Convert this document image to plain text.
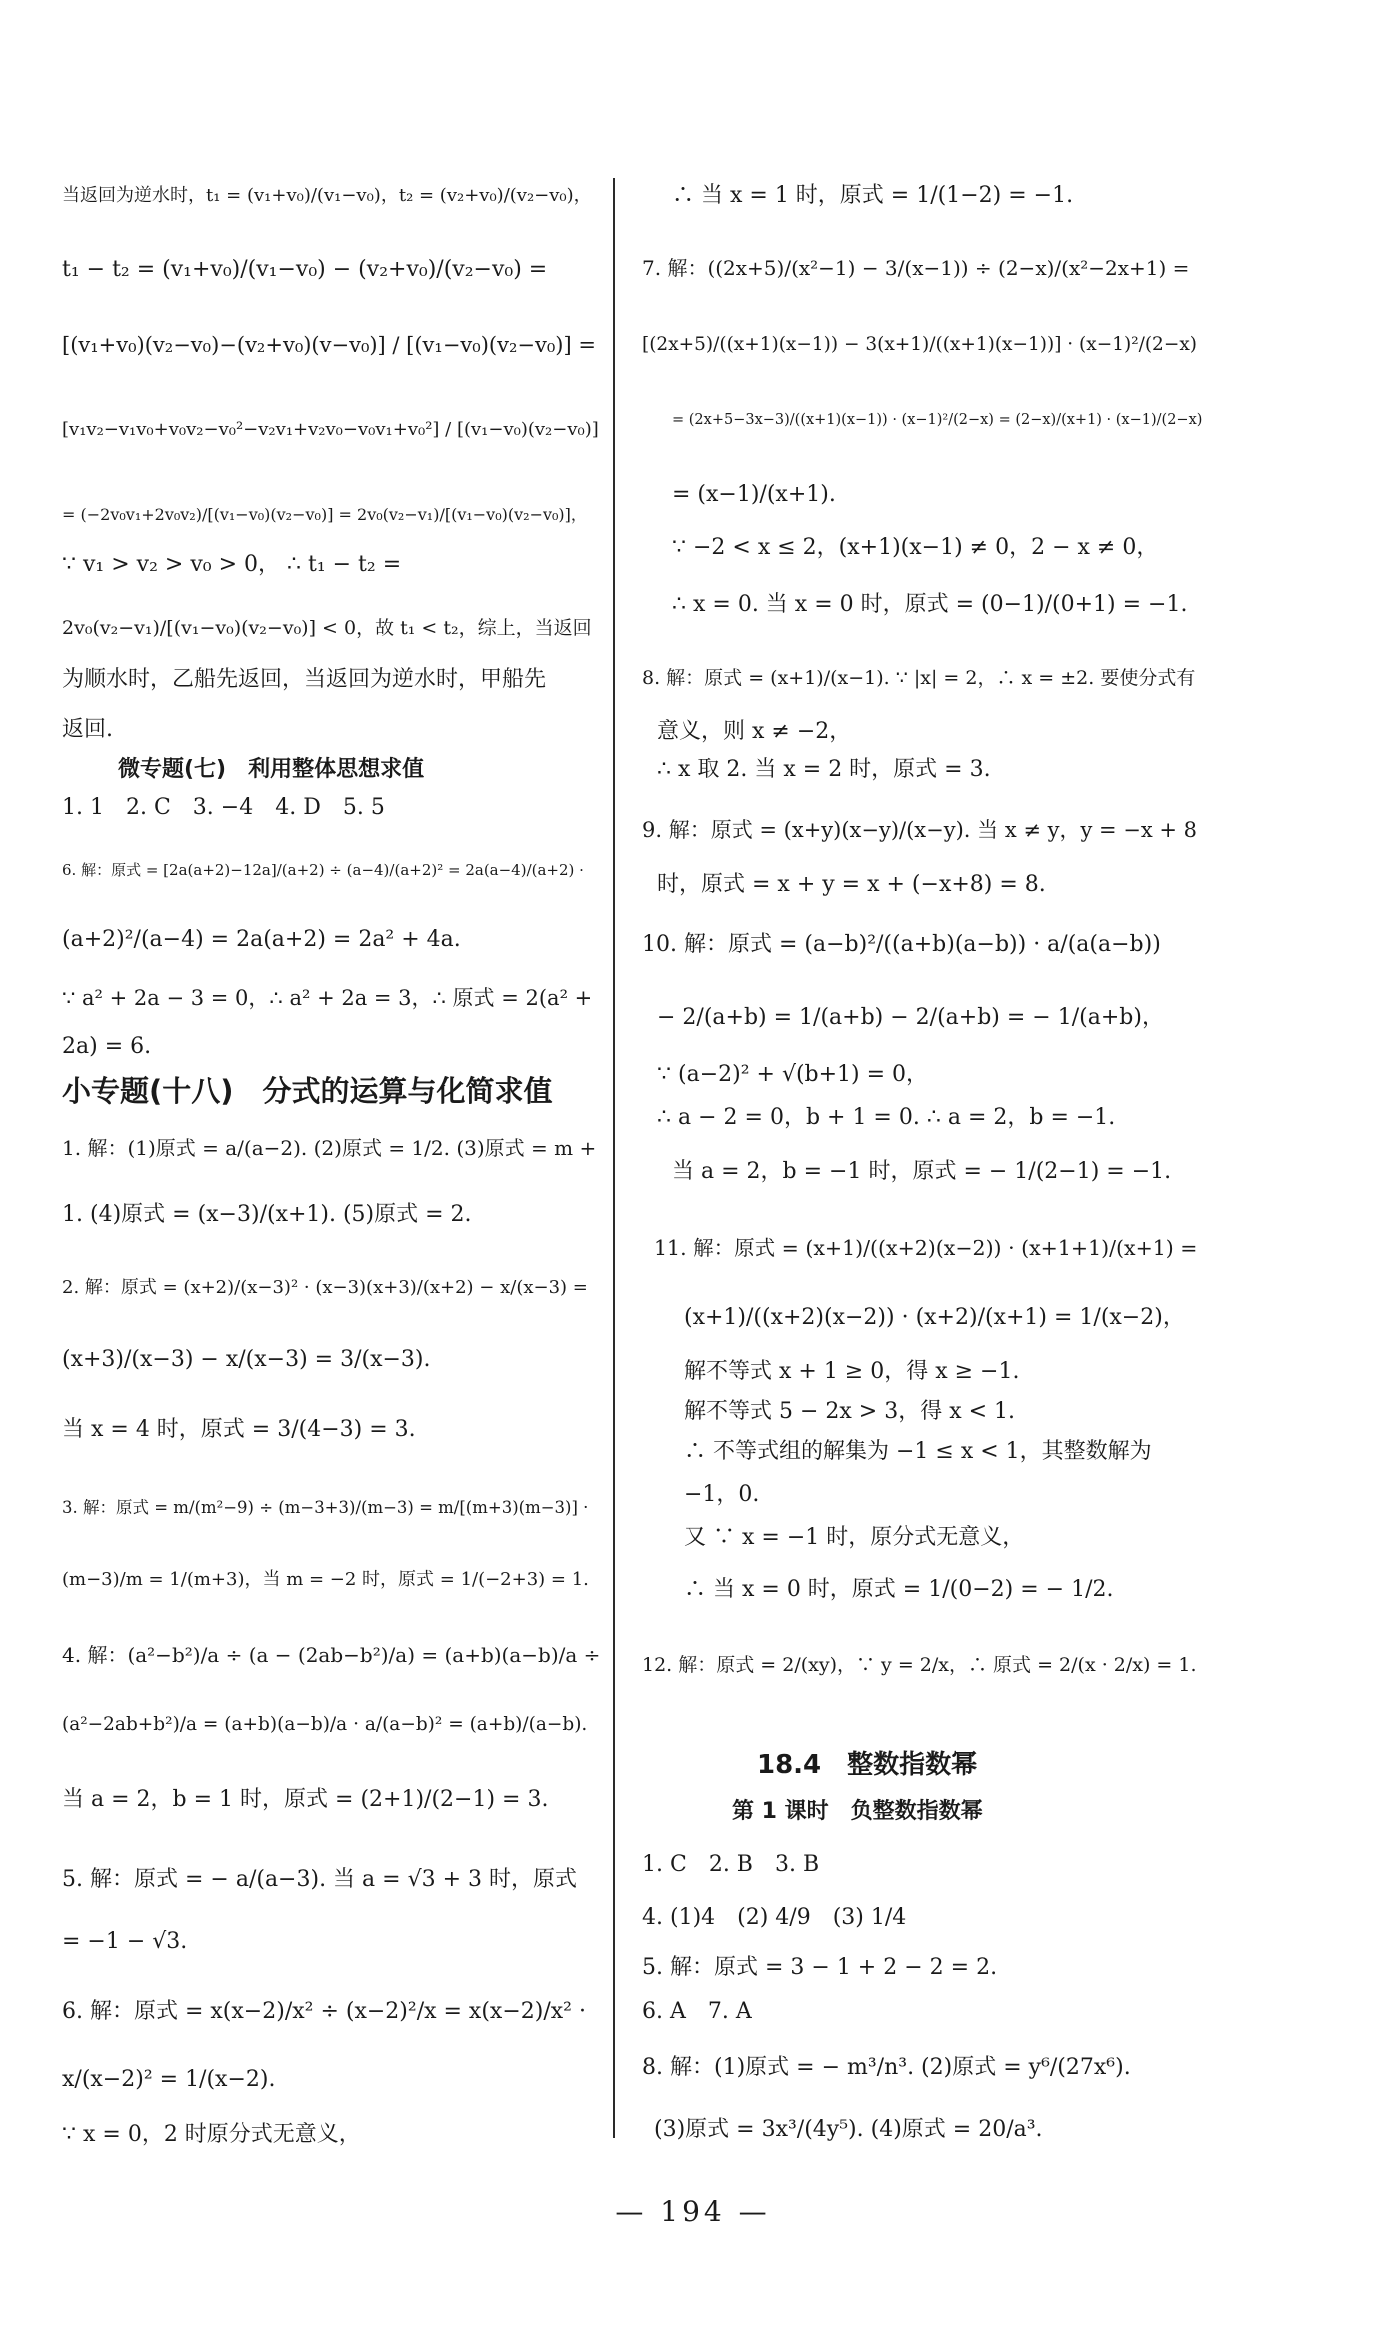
当返回为逆水时，t₁ = (v₁+v₀)/(v₁−v₀)，t₂ = (v₂+v₀)/(v₂−v₀)，
t₁ − t₂ = (v₁+v₀)/(v₁−v₀) − (v₂+v₀)/(v₂−v₀) =
[(v₁+v₀)(v₂−v₀)−(v₂+v₀)(v−v₀)] / [(v₁−v₀)(v₂−v₀)] =
[v₁v₂−v₁v₀+v₀v₂−v₀²−v₂v₁+v₂v₀−v₀v₁+v₀²] / [(v₁−v₀)(v₂−v₀)]
= (−2v₀v₁+2v₀v₂)/[(v₁−v₀)(v₂−v₀)] = 2v₀(v₂−v₁)/[(v₁−v₀)(v₂−v₀)]，
∵ v₁ > v₂ > v₀ > 0， ∴ t₁ − t₂ =
2v₀(v₂−v₁)/[(v₁−v₀)(v₂−v₀)] < 0，故 t₁ < t₂，综上，当返回
为顺水时，乙船先返回，当返回为逆水时，甲船先
返回.
1. 1　2. C　3. −4　4. D　5. 5
6. 解：原式 = [2a(a+2)−12a]/(a+2) ÷ (a−4)/(a+2)² = 2a(a−4)/(a+2) ·
(a+2)²/(a−4) = 2a(a+2) = 2a² + 4a.
∵ a² + 2a − 3 = 0，∴ a² + 2a = 3，∴ 原式 = 2(a² +
2a) = 6.
1. 解：(1)原式 = a/(a−2). (2)原式 = 1/2. (3)原式 = m +
1. (4)原式 = (x−3)/(x+1). (5)原式 = 2.
2. 解：原式 = (x+2)/(x−3)² · (x−3)(x+3)/(x+2) − x/(x−3) =
(x+3)/(x−3) − x/(x−3) = 3/(x−3).
当 x = 4 时，原式 = 3/(4−3) = 3.
3. 解：原式 = m/(m²−9) ÷ (m−3+3)/(m−3) = m/[(m+3)(m−3)] ·
(m−3)/m = 1/(m+3)，当 m = −2 时，原式 = 1/(−2+3) = 1.
4. 解：(a²−b²)/a ÷ (a − (2ab−b²)/a) = (a+b)(a−b)/a ÷
(a²−2ab+b²)/a = (a+b)(a−b)/a · a/(a−b)² = (a+b)/(a−b).
当 a = 2，b = 1 时，原式 = (2+1)/(2−1) = 3.
5. 解：原式 = − a/(a−3). 当 a = √3 + 3 时，原式
= −1 − √3.
6. 解：原式 = x(x−2)/x² ÷ (x−2)²/x = x(x−2)/x² ·
x/(x−2)² = 1/(x−2).
∵ x = 0，2 时原分式无意义，
微专题(七)　利用整体思想求值
小专题(十八)　分式的运算与化简求值
∴ 当 x = 1 时，原式 = 1/(1−2) = −1.
7. 解：((2x+5)/(x²−1) − 3/(x−1)) ÷ (2−x)/(x²−2x+1) =
[(2x+5)/((x+1)(x−1)) − 3(x+1)/((x+1)(x−1))] · (x−1)²/(2−x)
= (2x+5−3x−3)/((x+1)(x−1)) · (x−1)²/(2−x) = (2−x)/(x+1) · (x−1)/(2−x)
= (x−1)/(x+1).
∵ −2 < x ≤ 2，(x+1)(x−1) ≠ 0，2 − x ≠ 0，
∴ x = 0. 当 x = 0 时，原式 = (0−1)/(0+1) = −1.
8. 解：原式 = (x+1)/(x−1). ∵ |x| = 2，∴ x = ±2. 要使分式有
意义，则 x ≠ −2，
∴ x 取 2. 当 x = 2 时，原式 = 3.
9. 解：原式 = (x+y)(x−y)/(x−y). 当 x ≠ y，y = −x + 8
时，原式 = x + y = x + (−x+8) = 8.
10. 解：原式 = (a−b)²/((a+b)(a−b)) · a/(a(a−b))
− 2/(a+b) = 1/(a+b) − 2/(a+b) = − 1/(a+b)，
∵ (a−2)² + √(b+1) = 0，
∴ a − 2 = 0，b + 1 = 0. ∴ a = 2，b = −1.
当 a = 2，b = −1 时，原式 = − 1/(2−1) = −1.
11. 解：原式 = (x+1)/((x+2)(x−2)) · (x+1+1)/(x+1) =
(x+1)/((x+2)(x−2)) · (x+2)/(x+1) = 1/(x−2)，
解不等式 x + 1 ≥ 0，得 x ≥ −1.
解不等式 5 − 2x > 3，得 x < 1.
∴ 不等式组的解集为 −1 ≤ x < 1，其整数解为
−1，0.
又 ∵ x = −1 时，原分式无意义，
∴ 当 x = 0 时，原式 = 1/(0−2) = − 1/2.
12. 解：原式 = 2/(xy)，∵ y = 2/x，∴ 原式 = 2/(x · 2/x) = 1.
1. C　2. B　3. B
4. (1)4　(2) 4/9　(3) 1/4
5. 解：原式 = 3 − 1 + 2 − 2 = 2.
6. A　7. A
8. 解：(1)原式 = − m³/n³. (2)原式 = y⁶/(27x⁶).
(3)原式 = 3x³/(4y⁵). (4)原式 = 20/a³.
18.4　整数指数幂
第 1 课时　负整数指数幂
— 194 —
